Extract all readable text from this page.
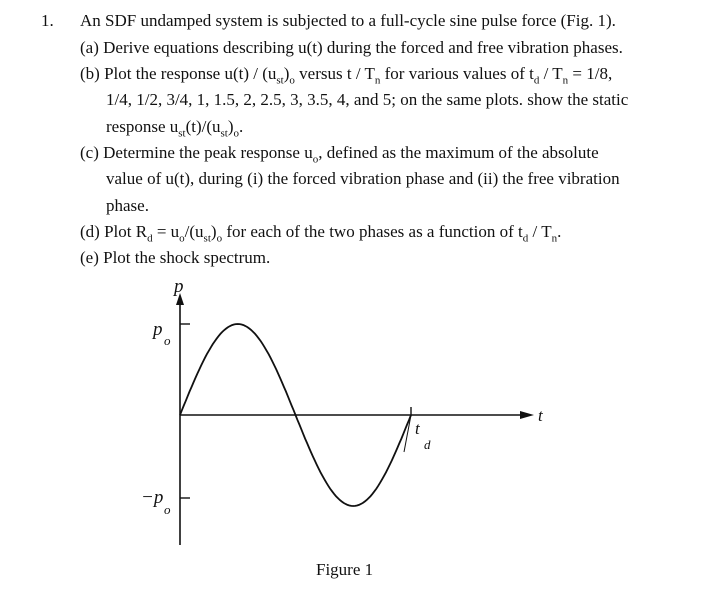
1. An SDF undamped system is subjected to a full-cycle sine pulse force (Fig. 1).
(a) Derive equations describing u(t) during the forced and free vibration phases.
(b) Plot the response $u(t) / (u_{st})_o$ versus t / $T_n$ for various values of $t_d / T_n = 1/8$,
1/4, 1/2, 3/4, 1, 1.5, 2, 2.5, 3, 3.5, 4, and 5; on the same plots. show the static
response $u_{st}(t)/(u_{st})_o$.
(c) Determine the peak response $u_o$, defined as the maximum of the absolute
value of u(t), during (i) the forced vibration phase and (ii) the free vibration
phase.
(d) Plot $R_d = u_o/(u_{st})_o$ for each of the two phases as a function of $t_d / T_n$.
(e) Plot the shock spectrum.
p
t
p
o
−p
o
t
d
Figure 1
